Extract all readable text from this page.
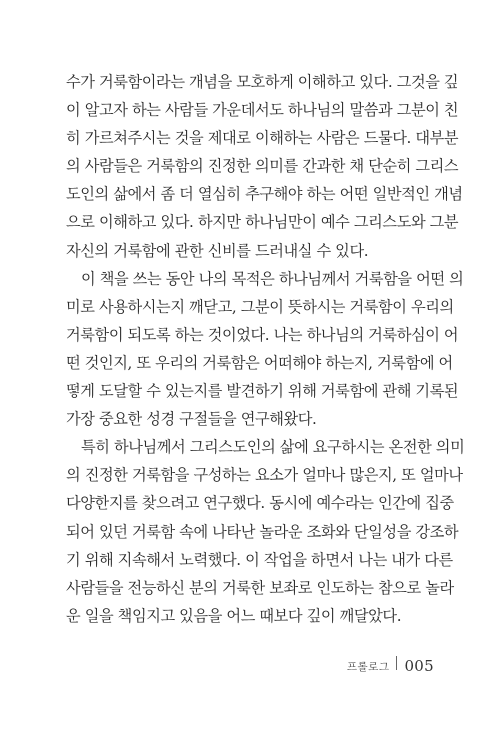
수가 거룩함이라는 개념을 모호하게 이해하고 있다. 그것을 깊
이 알고자 하는 사람들 가운데서도 하나님의 말씀과 그분이 친
히 가르쳐주시는 것을 제대로 이해하는 사람은 드물다. 대부분
의 사람들은 거룩함의 진정한 의미를 간과한 채 단순히 그리스
도인의 삶에서 좀 더 열심히 추구해야 하는 어떤 일반적인 개념
으로 이해하고 있다. 하지만 하나님만이 예수 그리스도와 그분
자신의 거룩함에 관한 신비를 드러내실 수 있다.
이 책을 쓰는 동안 나의 목적은 하나님께서 거룩함을 어떤 의
미로 사용하시는지 깨닫고, 그분이 뜻하시는 거룩함이 우리의
거룩함이 되도록 하는 것이었다. 나는 하나님의 거룩하심이 어
떤 것인지, 또 우리의 거룩함은 어떠해야 하는지, 거룩함에 어
떻게 도달할 수 있는지를 발견하기 위해 거룩함에 관해 기록된
가장 중요한 성경 구절들을 연구해왔다.
특히 하나님께서 그리스도인의 삶에 요구하시는 온전한 의미
의 진정한 거룩함을 구성하는 요소가 얼마나 많은지, 또 얼마나
다양한지를 찾으려고 연구했다. 동시에 예수라는 인간에 집중
되어 있던 거룩함 속에 나타난 놀라운 조화와 단일성을 강조하
기 위해 지속해서 노력했다. 이 작업을 하면서 나는 내가 다른
사람들을 전능하신 분의 거룩한 보좌로 인도하는 참으로 놀라
운 일을 책임지고 있음을 어느 때보다 깊이 깨달았다.
프롤로그 005
